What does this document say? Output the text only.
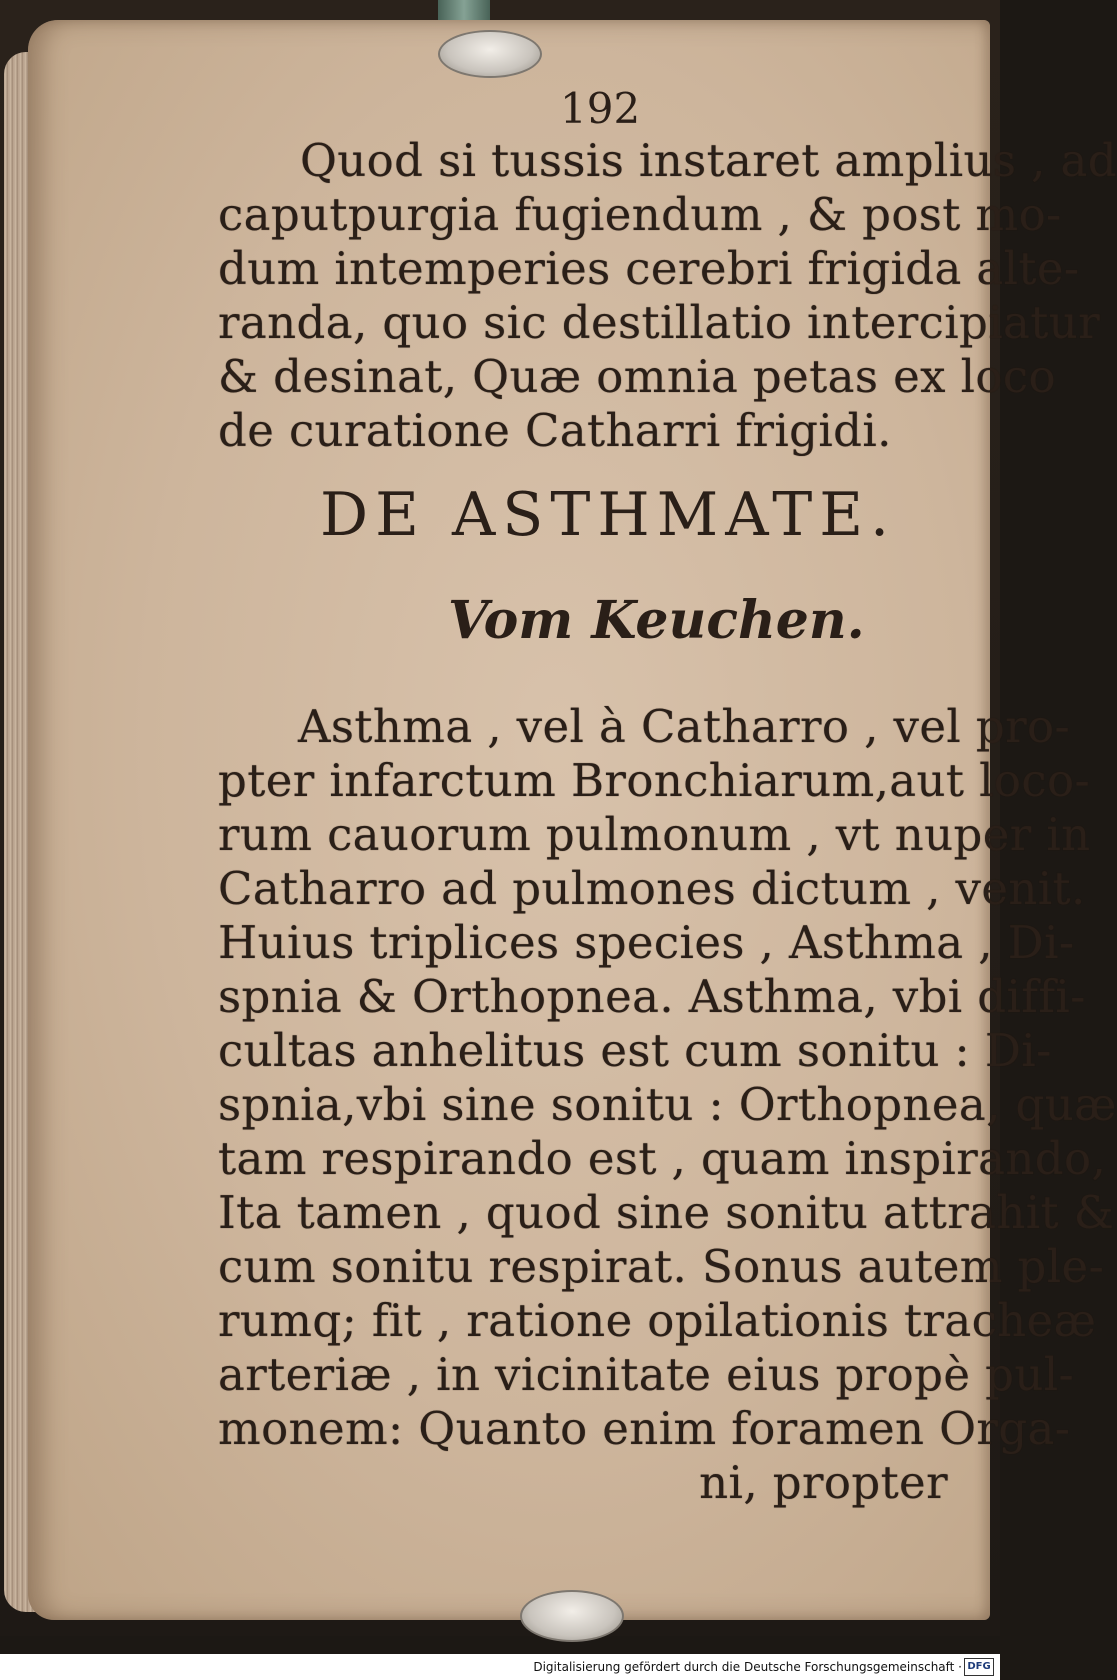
192
Quod si tussis instaret amplius , ad
caputpurgia fugiendum , & post mo-
dum intemperies cerebri frigida alte-
randa, quo sic destillatio intercipiatur
& desinat, Quæ omnia petas ex loco
de curatione Catharri frigidi.
DE ASTHMATE.
Vom Keuchen.
Asthma , vel à Catharro , vel pro-
pter infarctum Bronchiarum,aut loco-
rum cauorum pulmonum , vt nuper in
Catharro ad pulmones dictum , venit.
Huius triplices species , Asthma , Di-
spnia & Orthopnea. Asthma, vbi diffi-
cultas anhelitus est cum sonitu : Di-
spnia,vbi sine sonitu : Orthopnea, quæ
tam respirando est , quam inspirando,
Ita tamen , quod sine sonitu attrahit &
cum sonitu respirat. Sonus autem ple-
rumq; fit , ratione opilationis tracheæ
arteriæ , in vicinitate eius propè pul-
monem: Quanto enim foramen Orga-
ni, propter
Digitalisierung gefördert durch die Deutsche Forschungsgemeinschaft · DFG
